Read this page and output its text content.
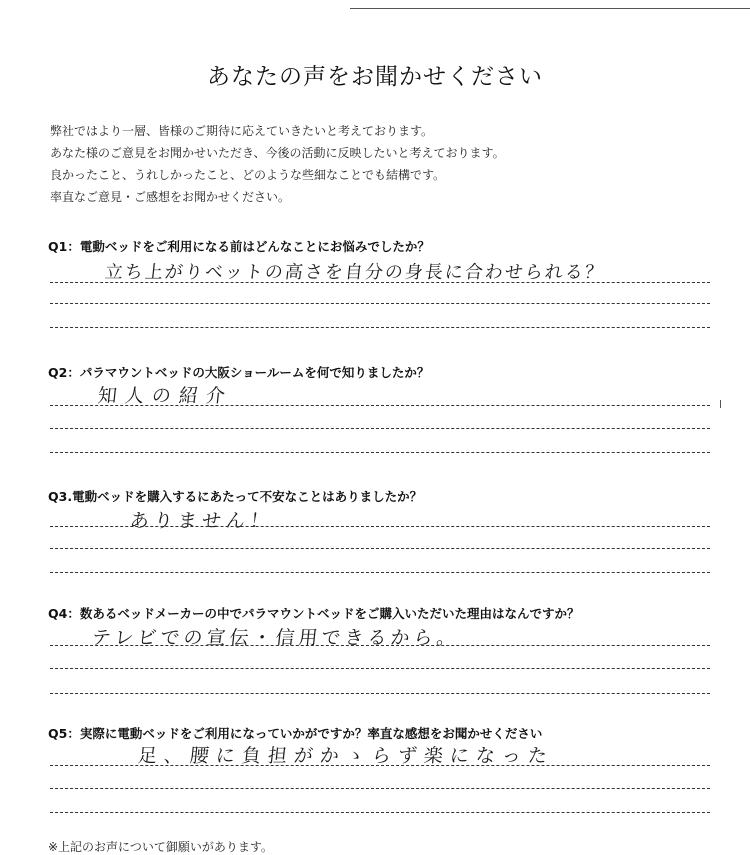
あなたの声をお聞かせください
弊社ではより一層、皆様のご期待に応えていきたいと考えております。
あなた様のご意見をお聞かせいただき、今後の活動に反映したいと考えております。
良かったこと、うれしかったこと、どのような些細なことでも結構です。
率直なご意見・ご感想をお聞かせください。
Q1：電動ベッドをご利用になる前はどんなことにお悩みでしたか？
立ち上がりベットの高さを自分の身長に合わせられる？
Q2：パラマウントベッドの大阪ショールームを何で知りましたか？
知人の紹介
Q3.電動ベッドを購入するにあたって不安なことはありましたか？
ありません！
Q4：数あるベッドメーカーの中でパラマウントベッドをご購入いただいた理由はなんですか？
テレビでの宣伝・信用できるから。
Q5：実際に電動ベッドをご利用になっていかがですか？率直な感想をお聞かせください
足、腰に負担がかゝらず楽になった
※上記のお声について御願いがあります。
